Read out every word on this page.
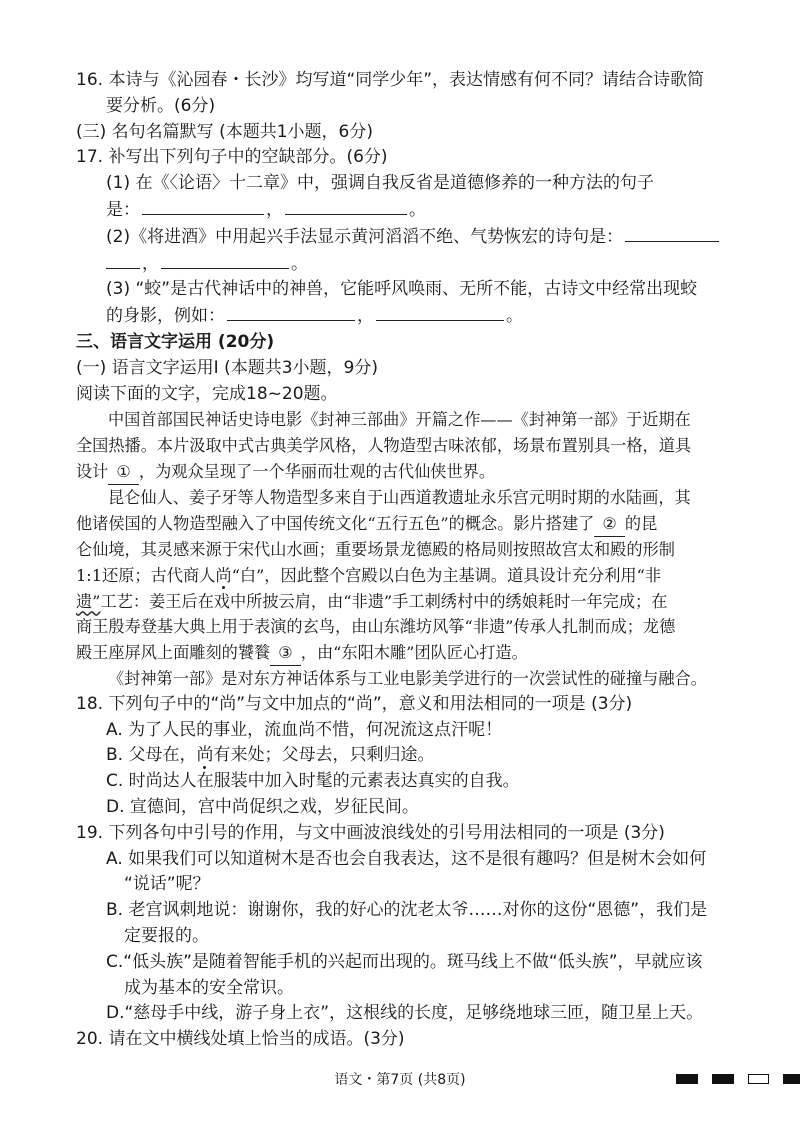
16. 本诗与《沁园春・长沙》均写道“同学少年”，表达情感有何不同？请结合诗歌简
要分析。(6分)
(三) 名句名篇默写 (本题共1小题，6分)
17. 补写出下列句子中的空缺部分。(6分)
(1) 在《〈论语〉十二章》中，强调自我反省是道德修养的一种方法的句子
是：	，	。
(2)《将进酒》中用起兴手法显示黄河滔滔不绝、气势恢宏的诗句是：
，	。
(3) “蛟”是古代神话中的神兽，它能呼风唤雨、无所不能，古诗文中经常出现蛟
的身影，例如：	，	。
三、语言文字运用 (20分)
(一) 语言文字运用Ⅰ (本题共3小题，9分)
阅读下面的文字，完成18~20题。
中国首部国民神话史诗电影《封神三部曲》开篇之作——《封神第一部》于近期在
全国热播。本片汲取中式古典美学风格，人物造型古味浓郁，场景布置别具一格，道具
设计 ① ，为观众呈现了一个华丽而壮观的古代仙侠世界。
昆仑仙人、姜子牙等人物造型多来自于山西道教遗址永乐宫元明时期的水陆画，其
他诸侯国的人物造型融入了中国传统文化“五行五色”的概念。影片搭建了 ② 的昆
仑仙境，其灵感来源于宋代山水画；重要场景龙德殿的格局则按照故宫太和殿的形制
1:1还原；古代商人尚“白”，因此整个宫殿以白色为主基调。道具设计充分利用“非
遗”工艺：姜王后在戏中所披云肩，由“非遗”手工刺绣村中的绣娘耗时一年完成；在
商王殷寿登基大典上用于表演的玄鸟，由山东潍坊风筝“非遗”传承人扎制而成；龙德
殿王座屏风上面雕刻的饕餮 ③ ，由“东阳木雕”团队匠心打造。
《封神第一部》是对东方神话体系与工业电影美学进行的一次尝试性的碰撞与融合。
18. 下列句子中的“尚”与文中加点的“尚”，意义和用法相同的一项是 (3分)
A. 为了人民的事业，流血尚不惜，何况流这点汗呢！
B. 父母在，尚有来处；父母去，只剩归途。
C. 时尚达人在服装中加入时髦的元素表达真实的自我。
D. 宣德间，宫中尚促织之戏，岁征民间。
19. 下列各句中引号的作用，与文中画波浪线处的引号用法相同的一项是 (3分)
A. 如果我们可以知道树木是否也会自我表达，这不是很有趣吗？但是树木会如何
“说话”呢？
B. 老宫讽刺地说：谢谢你，我的好心的沈老太爷……对你的这份“恩德”，我们是
定要报的。
C.“低头族”是随着智能手机的兴起而出现的。斑马线上不做“低头族”，早就应该
成为基本的安全常识。
D.“慈母手中线，游子身上衣”，这根线的长度，足够绕地球三匝，随卫星上天。
20. 请在文中横线处填上恰当的成语。(3分)
语文・第7页 (共8页)
